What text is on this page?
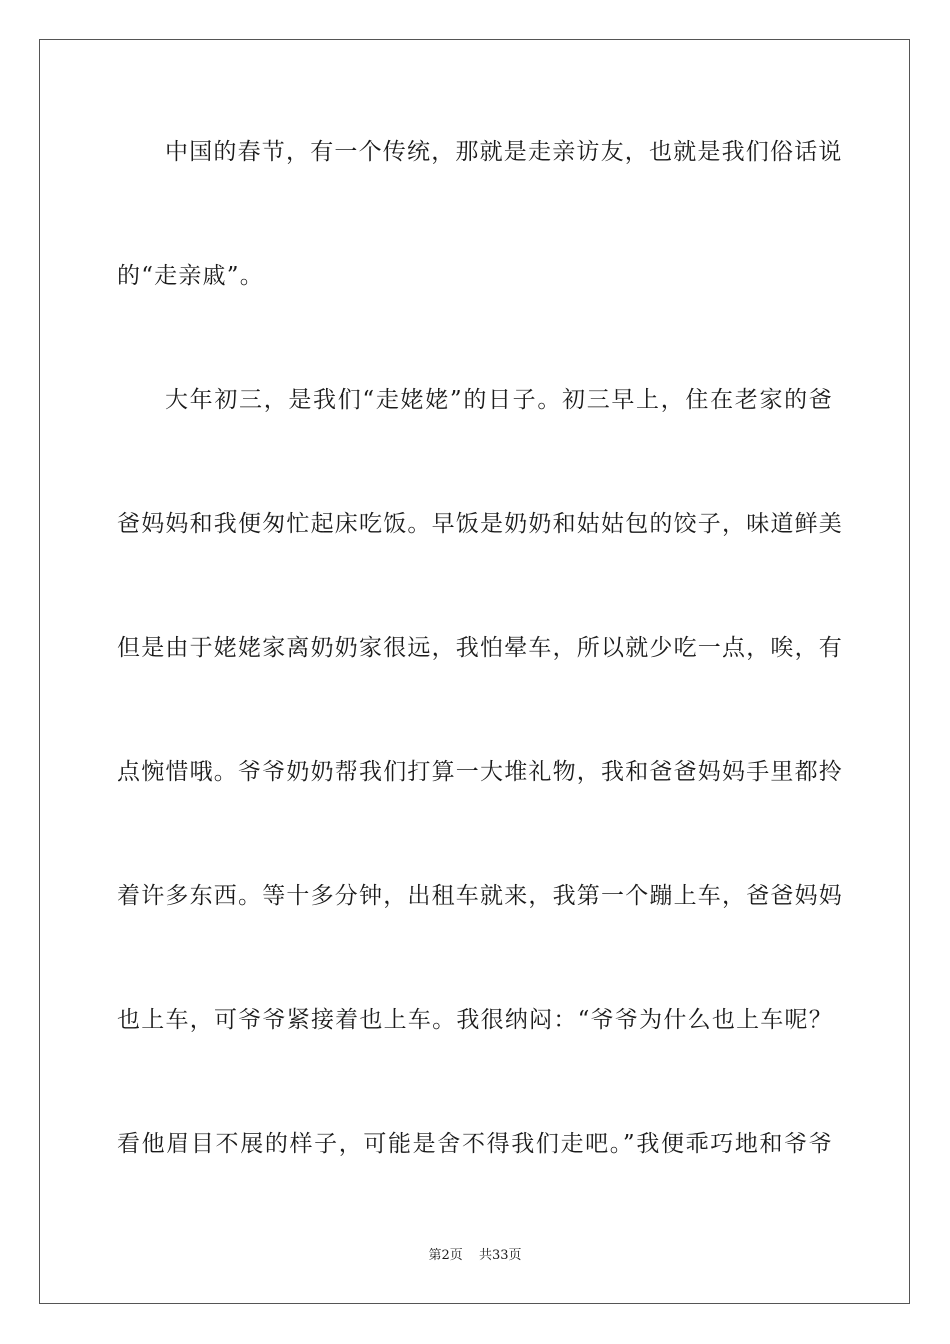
中国的春节，有一个传统，那就是走亲访友，也就是我们俗话说
的“走亲戚”。
大年初三，是我们“走姥姥”的日子。初三早上，住在老家的爸
爸妈妈和我便匆忙起床吃饭。早饭是奶奶和姑姑包的饺子，味道鲜美
但是由于姥姥家离奶奶家很远，我怕晕车，所以就少吃一点，唉，有
点惋惜哦。爷爷奶奶帮我们打算一大堆礼物，我和爸爸妈妈手里都拎
着许多东西。等十多分钟，出租车就来，我第一个蹦上车，爸爸妈妈
也上车，可爷爷紧接着也上车。我很纳闷：“爷爷为什么也上车呢？
看他眉目不展的样子，可能是舍不得我们走吧。”我便乖巧地和爷爷
第2页 共33页
